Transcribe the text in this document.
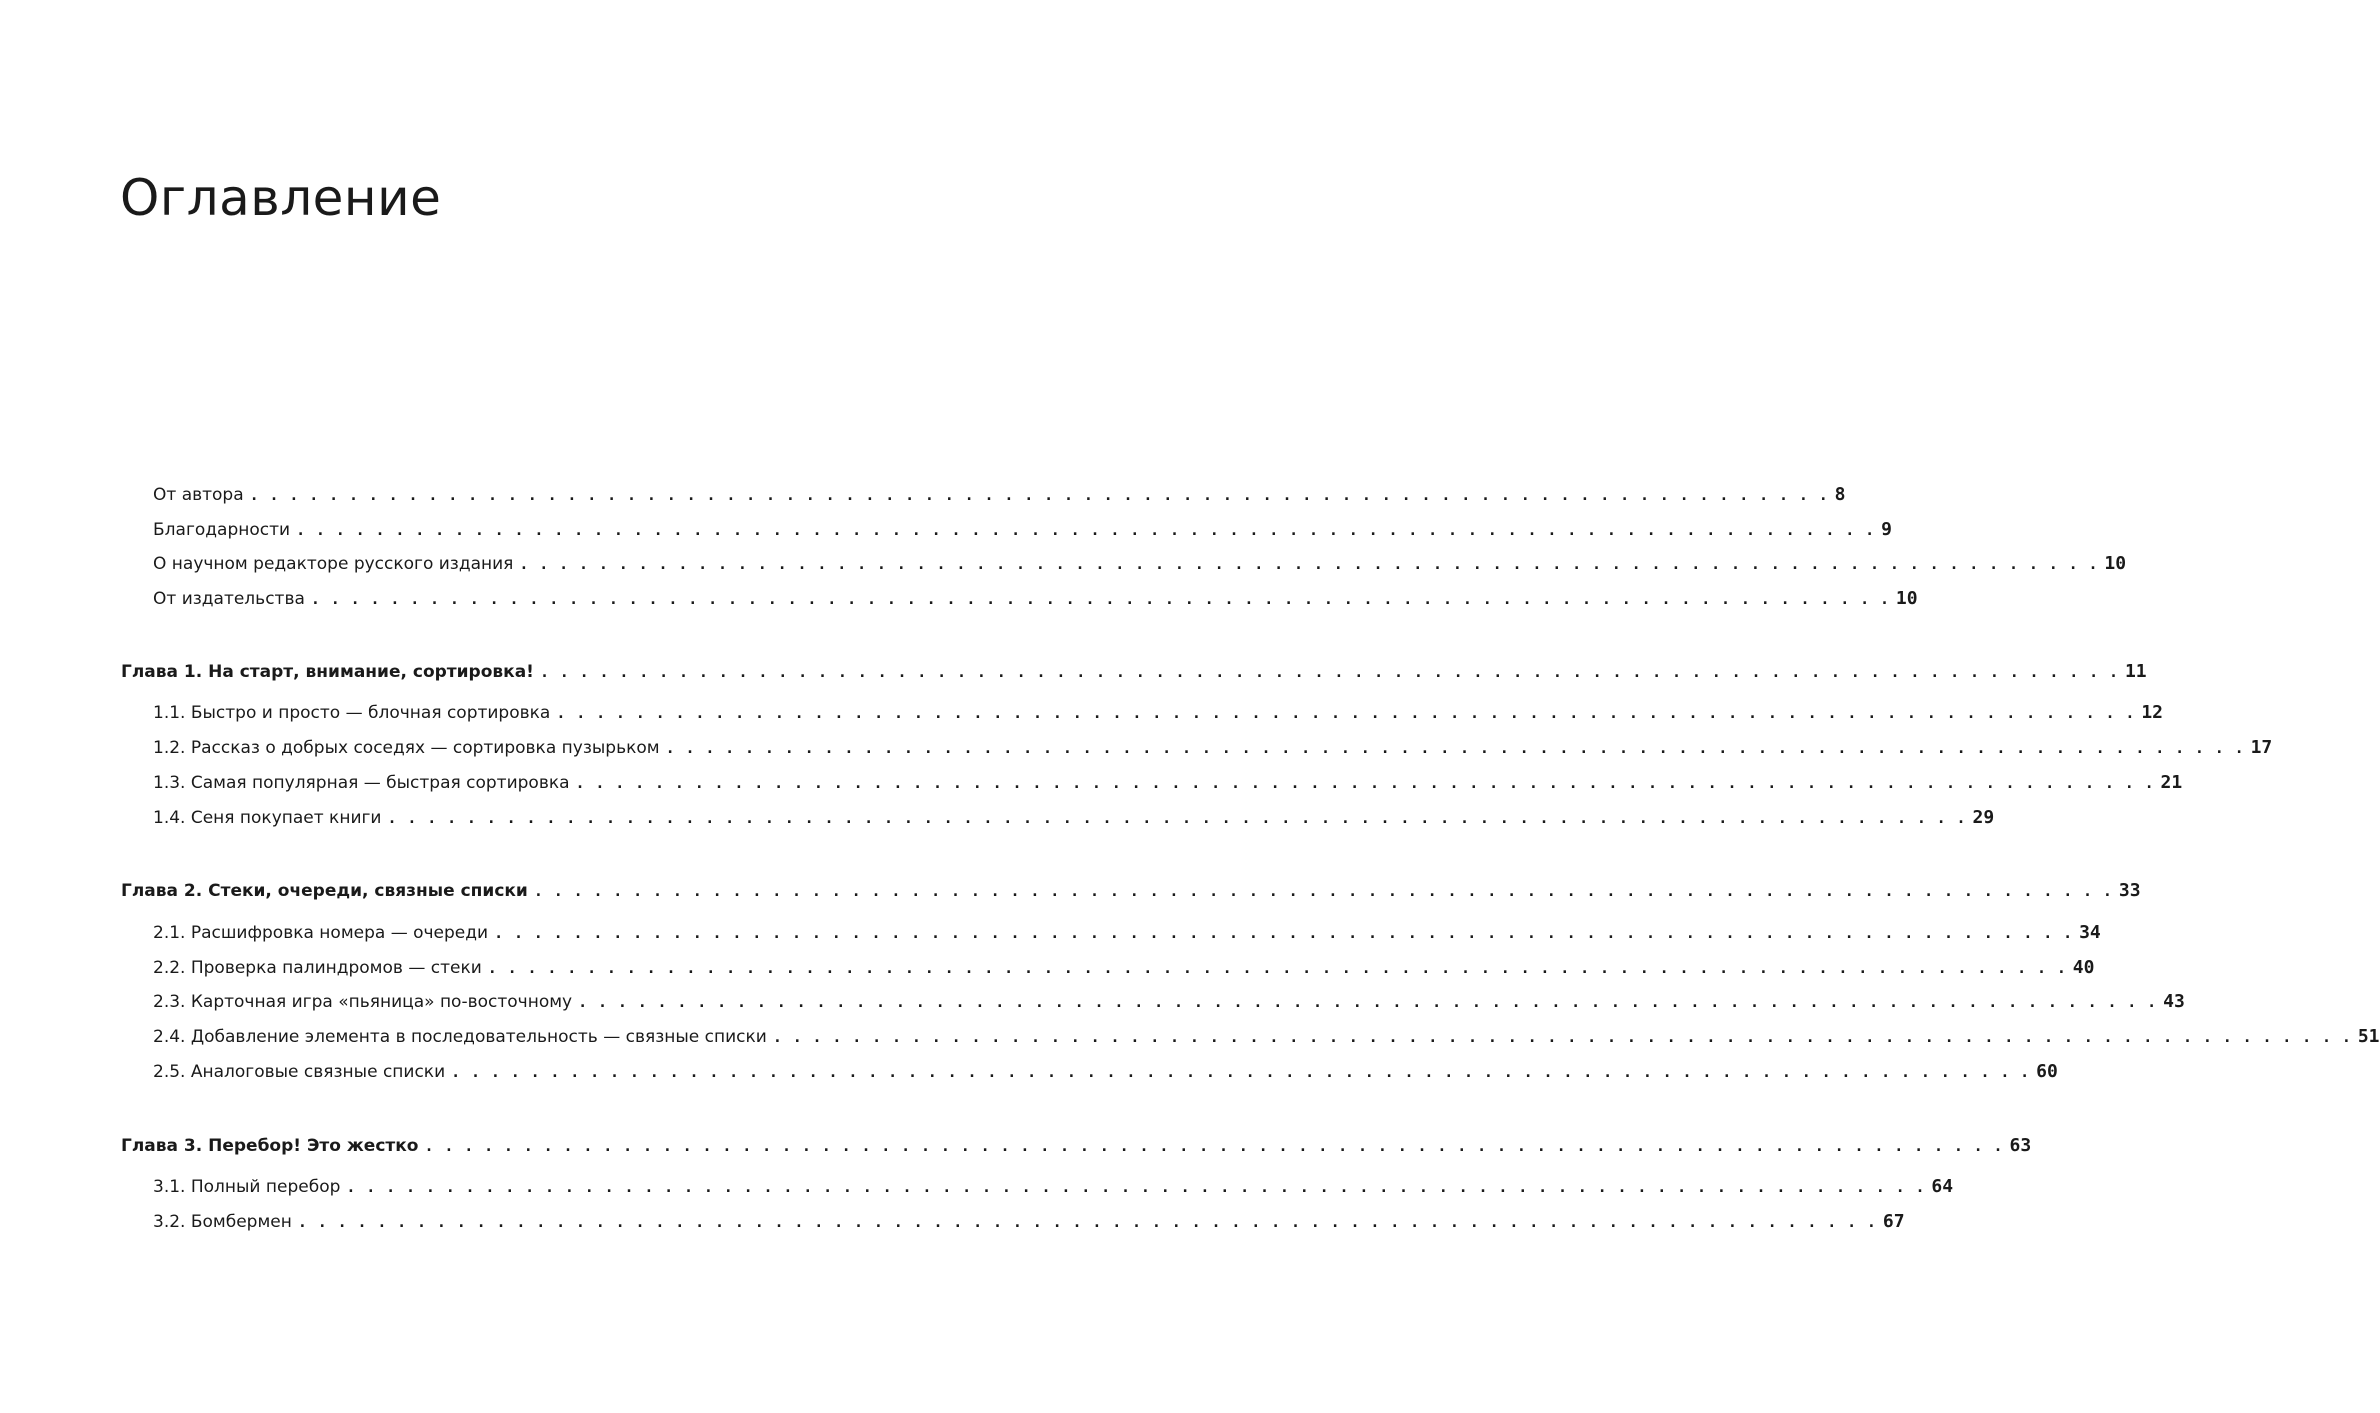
Оглавление
От автора . . . . . . . . . . . . . . . . . . . . . . . . . . . . . . . . . . . . . . . . . . . . . . . . . . . . . . . . . . . . . . . . . . . . . . . . . . . . . . . . 8
Благодарности . . . . . . . . . . . . . . . . . . . . . . . . . . . . . . . . . . . . . . . . . . . . . . . . . . . . . . . . . . . . . . . . . . . . . . . . . . . . . . . . 9
О научном редакторе русского издания . . . . . . . . . . . . . . . . . . . . . . . . . . . . . . . . . . . . . . . . . . . . . . . . . . . . . . . . . . . . . . . . . . . . . . . . . . . . . . . . 10
От издательства . . . . . . . . . . . . . . . . . . . . . . . . . . . . . . . . . . . . . . . . . . . . . . . . . . . . . . . . . . . . . . . . . . . . . . . . . . . . . . . . 10
Глава 1. На старт, внимание, сортировка! . . . . . . . . . . . . . . . . . . . . . . . . . . . . . . . . . . . . . . . . . . . . . . . . . . . . . . . . . . . . . . . . . . . . . . . . . . . . . . . . 11
1.1. Быстро и просто — блочная сортировка . . . . . . . . . . . . . . . . . . . . . . . . . . . . . . . . . . . . . . . . . . . . . . . . . . . . . . . . . . . . . . . . . . . . . . . . . . . . . . . . 12
1.2. Рассказ о добрых соседях — сортировка пузырьком . . . . . . . . . . . . . . . . . . . . . . . . . . . . . . . . . . . . . . . . . . . . . . . . . . . . . . . . . . . . . . . . . . . . . . . . . . . . . . . . 17
1.3. Самая популярная — быстрая сортировка . . . . . . . . . . . . . . . . . . . . . . . . . . . . . . . . . . . . . . . . . . . . . . . . . . . . . . . . . . . . . . . . . . . . . . . . . . . . . . . . 21
1.4. Сеня покупает книги . . . . . . . . . . . . . . . . . . . . . . . . . . . . . . . . . . . . . . . . . . . . . . . . . . . . . . . . . . . . . . . . . . . . . . . . . . . . . . . . 29
Глава 2. Стеки, очереди, связные списки . . . . . . . . . . . . . . . . . . . . . . . . . . . . . . . . . . . . . . . . . . . . . . . . . . . . . . . . . . . . . . . . . . . . . . . . . . . . . . . . 33
2.1. Расшифровка номера — очереди . . . . . . . . . . . . . . . . . . . . . . . . . . . . . . . . . . . . . . . . . . . . . . . . . . . . . . . . . . . . . . . . . . . . . . . . . . . . . . . . 34
2.2. Проверка палиндромов — стеки . . . . . . . . . . . . . . . . . . . . . . . . . . . . . . . . . . . . . . . . . . . . . . . . . . . . . . . . . . . . . . . . . . . . . . . . . . . . . . . . 40
2.3. Карточная игра «пьяница» по-восточному . . . . . . . . . . . . . . . . . . . . . . . . . . . . . . . . . . . . . . . . . . . . . . . . . . . . . . . . . . . . . . . . . . . . . . . . . . . . . . . . 43
2.4. Добавление элемента в последовательность — связные списки . . . . . . . . . . . . . . . . . . . . . . . . . . . . . . . . . . . . . . . . . . . . . . . . . . . . . . . . . . . . . . . . . . . . . . . . . . . . . . . . 51
2.5. Аналоговые связные списки . . . . . . . . . . . . . . . . . . . . . . . . . . . . . . . . . . . . . . . . . . . . . . . . . . . . . . . . . . . . . . . . . . . . . . . . . . . . . . . . 60
Глава 3. Перебор! Это жестко . . . . . . . . . . . . . . . . . . . . . . . . . . . . . . . . . . . . . . . . . . . . . . . . . . . . . . . . . . . . . . . . . . . . . . . . . . . . . . . . 63
3.1. Полный перебор . . . . . . . . . . . . . . . . . . . . . . . . . . . . . . . . . . . . . . . . . . . . . . . . . . . . . . . . . . . . . . . . . . . . . . . . . . . . . . . . 64
3.2. Бомбермен . . . . . . . . . . . . . . . . . . . . . . . . . . . . . . . . . . . . . . . . . . . . . . . . . . . . . . . . . . . . . . . . . . . . . . . . . . . . . . . . 67
